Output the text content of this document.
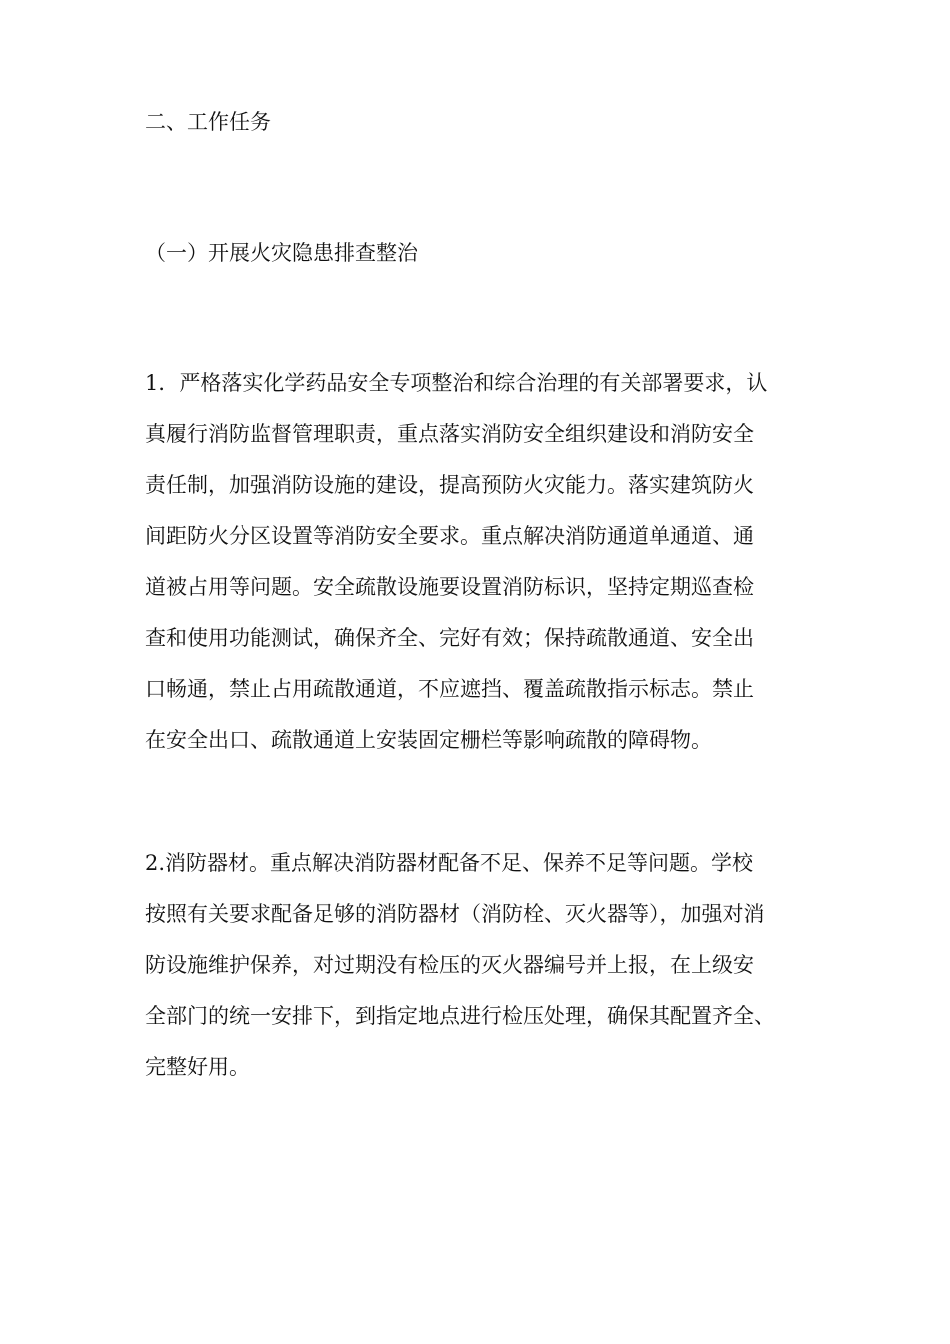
二、工作任务
（一）开展火灾隐患排查整治
1．严格落实化学药品安全专项整治和综合治理的有关部署要求，认
真履行消防监督管理职责，重点落实消防安全组织建设和消防安全
责任制，加强消防设施的建设，提高预防火灾能力。落实建筑防火
间距防火分区设置等消防安全要求。重点解决消防通道单通道、通
道被占用等问题。安全疏散设施要设置消防标识，坚持定期巡查检
查和使用功能测试，确保齐全、完好有效；保持疏散通道、安全出
口畅通，禁止占用疏散通道，不应遮挡、覆盖疏散指示标志。禁止
在安全出口、疏散通道上安装固定栅栏等影响疏散的障碍物。
2.消防器材。重点解决消防器材配备不足、保养不足等问题。学校
按照有关要求配备足够的消防器材（消防栓、灭火器等），加强对消
防设施维护保养，对过期没有检压的灭火器编号并上报，在上级安
全部门的统一安排下，到指定地点进行检压处理，确保其配置齐全、
完整好用。
